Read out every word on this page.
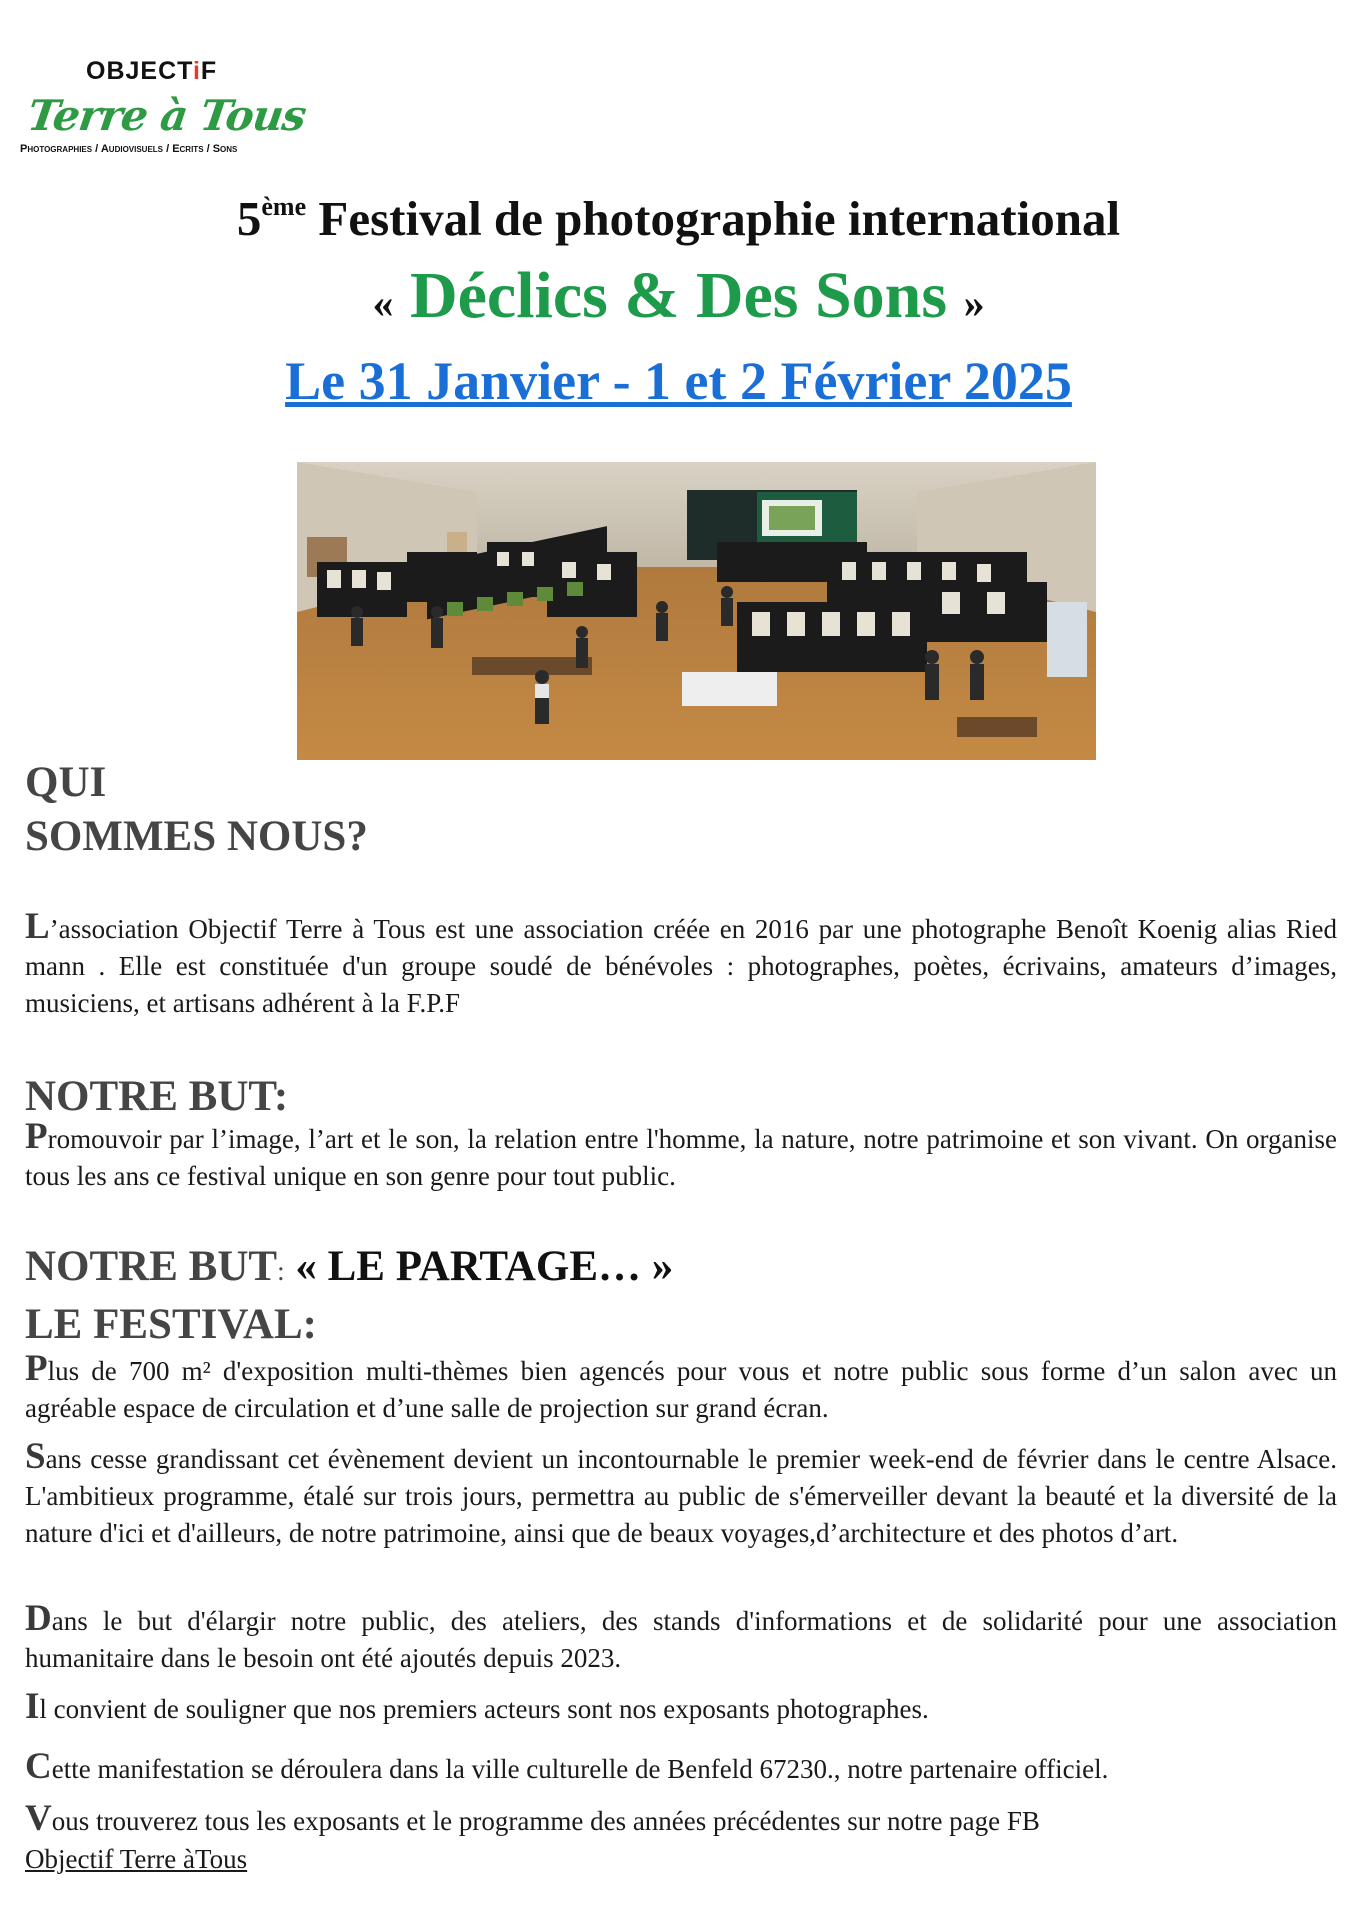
OBJECTiF
Terre à Tous
Photographies / Audiovisuels / Ecrits / Sons
5ème Festival de photographie international
« Déclics & Des Sons »
Le 31 Janvier - 1 et 2 Février 2025
QUI
SOMMES NOUS?
L’association Objectif Terre à Tous est une association créée en 2016 par une photographe Benoît Koenig alias Ried mann . Elle est constituée d'un groupe soudé de bénévoles : photographes, poètes, écrivains, amateurs d’images, musiciens, et artisans adhérent à la F.P.F
NOTRE BUT:
Promouvoir par l’image, l’art et le son, la relation entre l'homme, la nature, notre patrimoine et son vivant. On organise tous les ans ce festival unique en son genre pour tout public.
NOTRE BUT: « LE PARTAGE… »
LE FESTIVAL:
Plus de 700 m² d'exposition multi-thèmes bien agencés pour vous et notre public sous forme d’un salon avec un agréable espace de circulation et d’une salle de projection sur grand écran.
Sans cesse grandissant cet évènement devient un incontournable le premier week-end de février dans le centre Alsace. L'ambitieux programme, étalé sur trois jours, permettra au public de s'émerveiller devant la beauté et la diversité de la nature d'ici et d'ailleurs, de notre patrimoine, ainsi que de beaux voyages,d’architecture et des photos d’art.
Dans le but d'élargir notre public, des ateliers, des stands d'informations et de solidarité pour une association humanitaire dans le besoin ont été ajoutés depuis 2023.
Il convient de souligner que nos premiers acteurs sont nos exposants photographes.
Cette manifestation se déroulera dans la ville culturelle de Benfeld 67230., notre partenaire officiel.
Vous trouverez tous les exposants et le programme des années précédentes sur notre page FB
Objectif Terre àTous
